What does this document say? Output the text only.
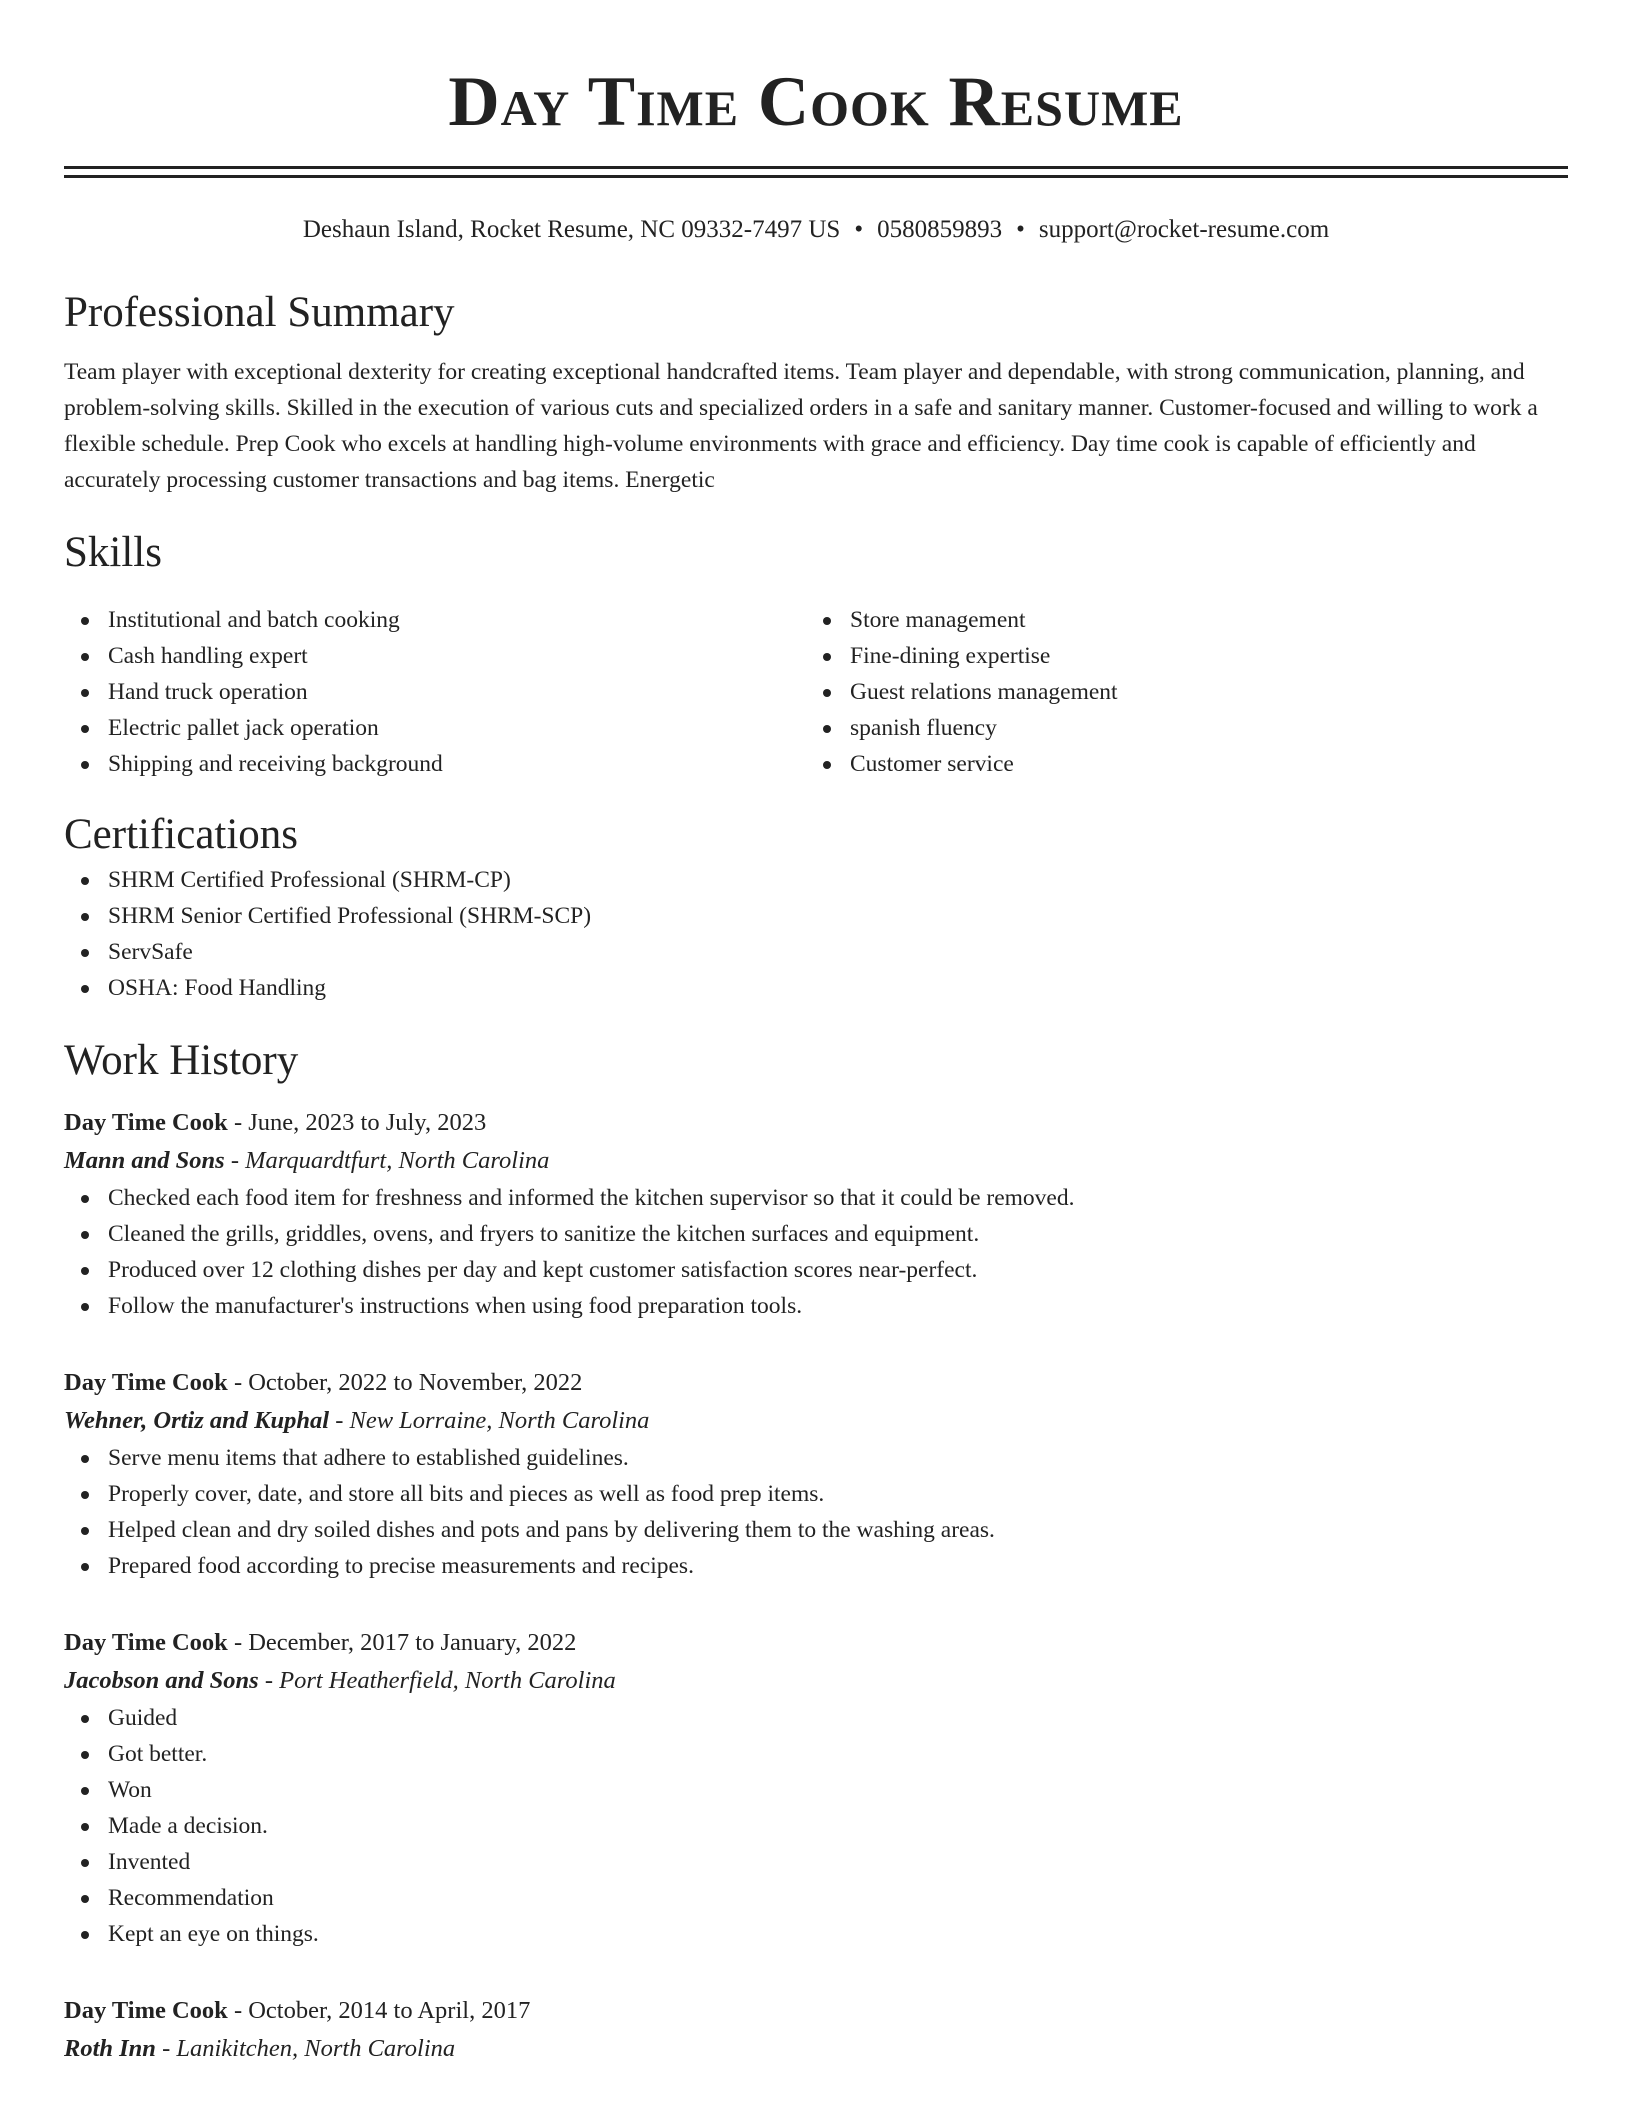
Day Time Cook Resume
Deshaun Island, Rocket Resume, NC 09332-7497 US • 0580859893 • support@rocket-resume.com
Professional Summary
Team player with exceptional dexterity for creating exceptional handcrafted items. Team player and dependable, with strong communication, planning, and problem-solving skills. Skilled in the execution of various cuts and specialized orders in a safe and sanitary manner. Customer-focused and willing to work a flexible schedule. Prep Cook who excels at handling high-volume environments with grace and efficiency. Day time cook is capable of efficiently and accurately processing customer transactions and bag items. Energetic
Skills
Institutional and batch cooking
Cash handling expert
Hand truck operation
Electric pallet jack operation
Shipping and receiving background
Store management
Fine-dining expertise
Guest relations management
spanish fluency
Customer service
Certifications
SHRM Certified Professional (SHRM-CP)
SHRM Senior Certified Professional (SHRM-SCP)
ServSafe
OSHA: Food Handling
Work History
Day Time Cook - June, 2023 to July, 2023
Mann and Sons - Marquardtfurt, North Carolina
Checked each food item for freshness and informed the kitchen supervisor so that it could be removed.
Cleaned the grills, griddles, ovens, and fryers to sanitize the kitchen surfaces and equipment.
Produced over 12 clothing dishes per day and kept customer satisfaction scores near-perfect.
Follow the manufacturer's instructions when using food preparation tools.
Day Time Cook - October, 2022 to November, 2022
Wehner, Ortiz and Kuphal - New Lorraine, North Carolina
Serve menu items that adhere to established guidelines.
Properly cover, date, and store all bits and pieces as well as food prep items.
Helped clean and dry soiled dishes and pots and pans by delivering them to the washing areas.
Prepared food according to precise measurements and recipes.
Day Time Cook - December, 2017 to January, 2022
Jacobson and Sons - Port Heatherfield, North Carolina
Guided
Got better.
Won
Made a decision.
Invented
Recommendation
Kept an eye on things.
Day Time Cook - October, 2014 to April, 2017
Roth Inn - Lanikitchen, North Carolina
